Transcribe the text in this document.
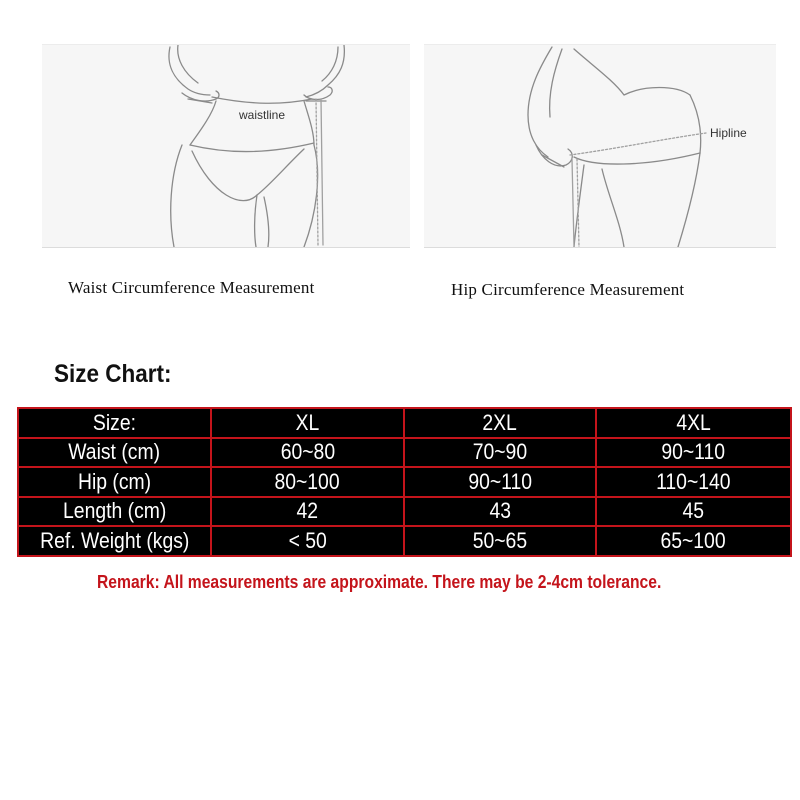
waistline
Hipline
Waist Circumference Measurement	Hip Circumference Measurement
Size Chart:
Size:	XL	2XL	4XL
Waist (cm)	60~80	70~90	90~110
Hip (cm)	80~100	90~110	110~140
Length (cm)	42	43	45
Ref. Weight (kgs)	< 50	50~65	65~100
Remark: All measurements are approximate. There may be 2-4cm tolerance.
